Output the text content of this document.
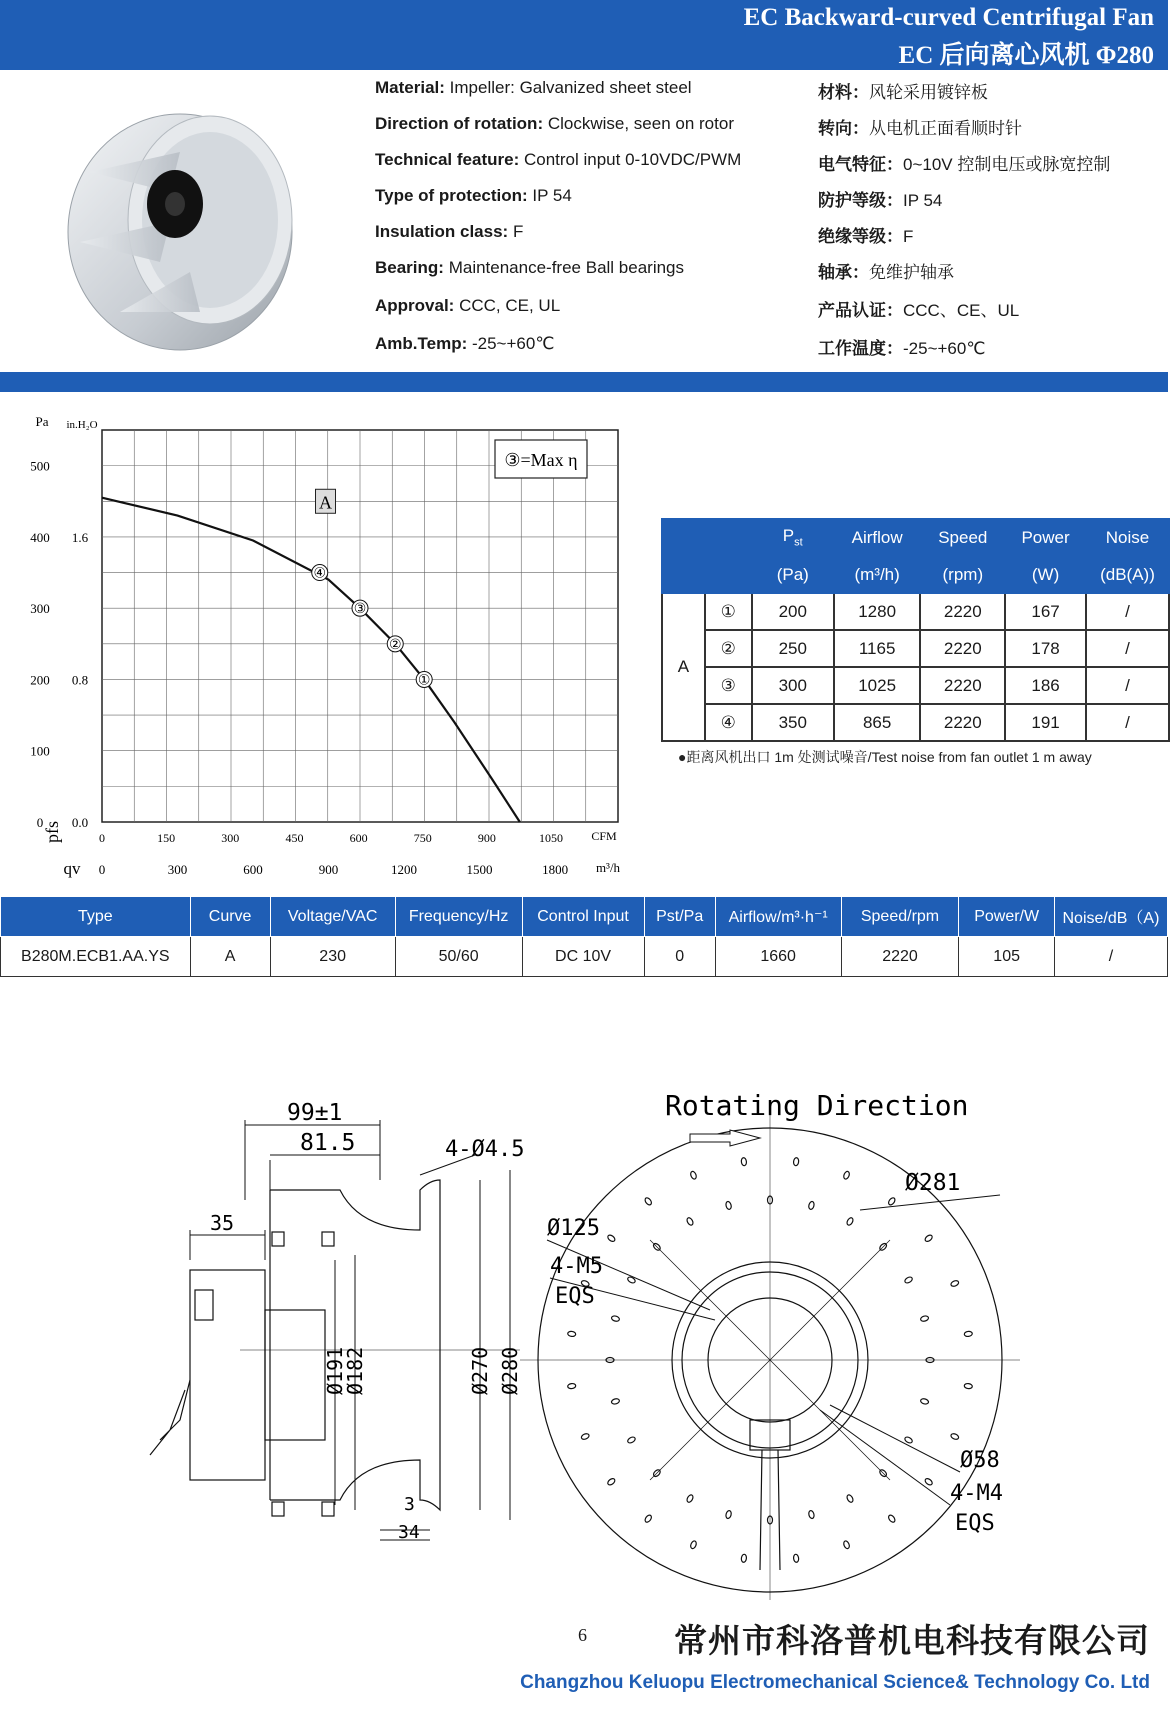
EC Backward-curved Centrifugal Fan
EC 后向离心风机 Φ280
Material: Impeller: Galvanized sheet steel
Direction of rotation: Clockwise, seen on rotor
Technical feature: Control input 0-10VDC/PWM
Type of protection: IP 54
Insulation class: F
Bearing: Maintenance-free Ball bearings
Approval: CCC, CE, UL
Amb.Temp: -25~+60℃
材料：风轮采用镀锌板
转向：从电机正面看顺时针
电气特征：0~10V 控制电压或脉宽控制
防护等级：IP 54
绝缘等级：F
轴承：免维护轴承
产品认证：CCC、CE、UL
工作温度：-25~+60℃
500
400
300
200
100
0
1.6
0.8
0.0
Pa in.H₂O
0	150	300	450	600	750	900	1050 CFM
0	300	600	900	1200	1500	1800 m³/h
pfs
qv
④
③
②
①
A
③=Max η
		$P_{st}$	Airflow	Speed	Power	Noise
		(Pa)	(m³/h)	(rpm)	(W)	(dB(A))
A	①	200	1280	2220	167	/
	②	250	1165	2220	178	/
	③	300	1025	2220	186	/
	④	350	865	2220	191	/
●距离风机出口 1m 处测试噪音/Test noise from fan outlet 1 m away
Type	Curve	Voltage/VAC	Frequency/Hz	Control Input	Pst/Pa	Airflow/m³·h⁻¹	Speed/rpm	Power/W	Noise/dB（A)
B280M.ECB1.AA.YS	A	230	50/60	DC 10V	0	1660	2220	105	/
99±1
81.5	4-Ø4.5
35
Ø191
Ø182	Ø270 Ø280
3
34
Rotating Direction
Ø125
4-M5
EQS
Ø281
Ø58
4-M4
EQS
6	常州市科洛普机电科技有限公司
Changzhou Keluopu Electromechanical Science& Technology Co. Ltd
